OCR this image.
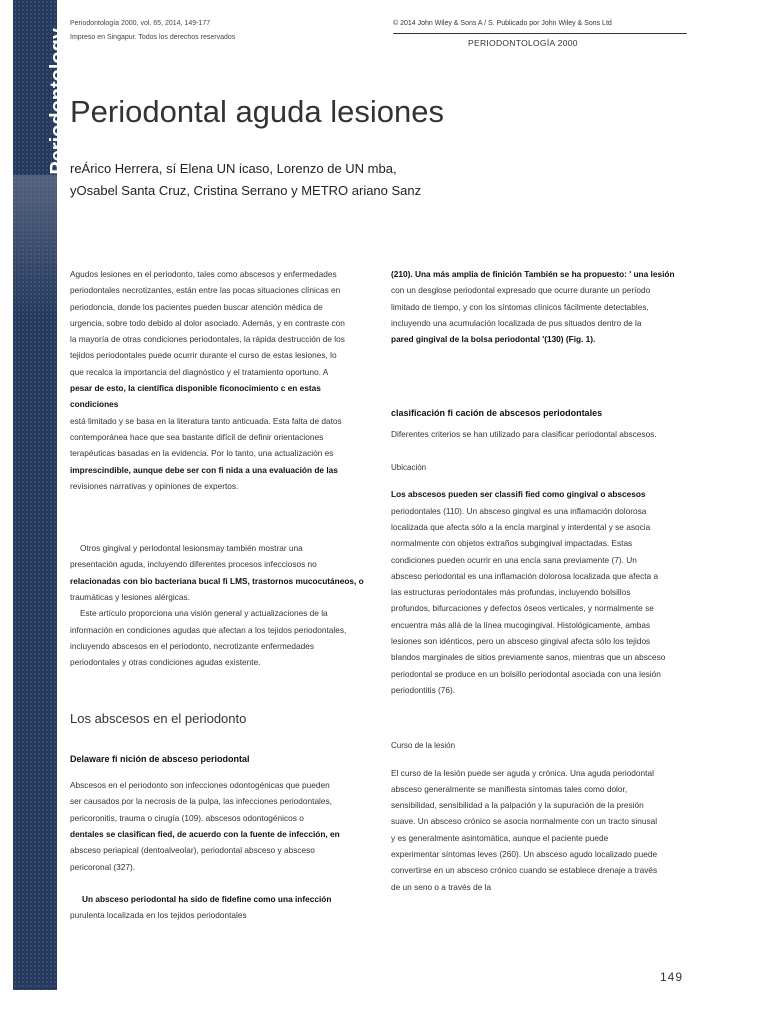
Periodontology
2000
Periodontología 2000, vol. 65, 2014, 149-177
Impreso en Singapur. Todos los derechos reservados
© 2014 John Wiley & Sons A / S. Publicado por John Wiley & Sons Ltd
PERIODONTOLOGÍA 2000
Periodontal aguda lesiones
reÁrico Herrera, sí Elena UN icaso, Lorenzo de UN mba,
yOsabel Santa Cruz, Cristina Serrano y METRO ariano Sanz

Agudos lesiones en el periodonto, tales como abscesos y enfermedades

periodontales necrotizantes, están entre las pocas situaciones clínicas en

periodoncia, donde los pacientes pueden buscar atención médica de

urgencia, sobre todo debido al dolor asociado. Además, y en contraste con

la mayoría de otras condiciones periodontales, la rápida destrucción de los

tejidos periodontales puede ocurrir durante el curso de estas lesiones, lo

que recalca la importancia del diagnóstico y el tratamiento oportuno. A

pesar de esto, la científica disponible ficonocimiento c en estas condiciones

está limitado y se basa en la literatura tanto anticuada. Esta falta de datos

contemporánea hace que sea bastante difícil de definir orientaciones

terapéuticas basadas en la evidencia. Por lo tanto, una actualización es

imprescindible, aunque debe ser con fi nida a una evaluación de las

revisiones narrativas y opiniones de expertos.

Otros gingival y periodontal lesionsmay también mostrar una

presentación aguda, incluyendo diferentes procesos infecciosos no

relacionadas con bio bacteriana bucal fi LMS, trastornos mucocutáneos, o

traumáticas y lesiones alérgicas.

Este artículo proporciona una visión general y actualizaciones de la

información en condiciones agudas que afectan a los tejidos periodontales,

incluyendo abscesos en el periodonto, necrotizante enfermedades

periodontales y otras condiciones agudas existente.

Los abscesos en el periodonto
Delaware fi nición de absceso periodontal

Abscesos en el periodonto son infecciones odontogénicas que pueden

ser causados por la necrosis de la pulpa, las infecciones periodontales,

pericoronitis, trauma o cirugía (109). abscesos odontogénicos o

dentales se clasifican fied, de acuerdo con la fuente de infección, en

absceso periapical (dentoalveolar), periodontal absceso y absceso

pericoronal (327).

Un absceso periodontal ha sido de fidefine como una infección

purulenta localizada en los tejidos periodontales

(210). Una más amplia de finición También se ha propuesto: ' una lesión

con un desglose periodontal expresado que ocurre durante un período

limitado de tiempo, y con los síntomas clínicos fácilmente detectables,

incluyendo una acumulación localizada de pus situados dentro de la

pared gingival de la bolsa periodontal '(130) (Fig. 1).

clasificación fi cación de abscesos periodontales

Diferentes criterios se han utilizado para clasificar periodontal abscesos.

Ubicación

Los abscesos pueden ser classifi fied como gingival o abscesos

periodontales (110). Un absceso gingival es una inflamación dolorosa

localizada que afecta sólo a la encía marginal y interdental y se asocia

normalmente con objetos extraños subgingival impactadas. Estas

condiciones pueden ocurrir en una encía sana previamente (7). Un

absceso periodontal es una inflamación dolorosa localizada que afecta a

las estructuras periodontales más profundas, incluyendo bolsillos

profundos, bifurcaciones y defectos óseos verticales, y normalmente se

encuentra más allá de la línea mucogingival. Histológicamente, ambas

lesiones son idénticos, pero un absceso gingival afecta sólo los tejidos

blandos marginales de sitios previamente sanos, mientras que un absceso

periodontal se produce en un bolsillo periodontal asociada con una lesión

periodontitis (76).

Curso de la lesión

El curso de la lesión puede ser aguda y crónica. Una aguda periodontal

absceso generalmente se manifiesta síntomas tales como dolor,

sensibilidad, sensibilidad a la palpación y la supuración de la presión

suave. Un absceso crónico se asocia normalmente con un tracto sinusal

y es generalmente asintomática, aunque el paciente puede

experimentar síntomas leves (260). Un absceso agudo localizado puede

convertirse en un absceso crónico cuando se establece drenaje a través

de un seno o a través de la

149
